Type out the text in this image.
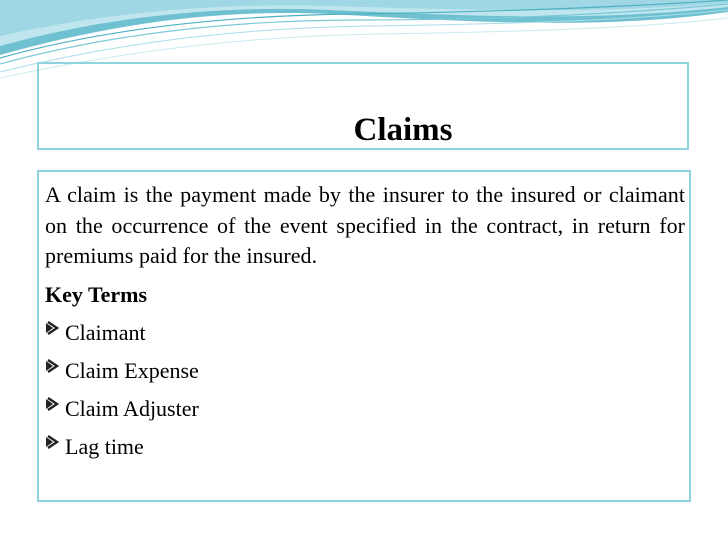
Claims

A claim is the payment made by the insurer to the insured or claimant on the occurrence of the event specified in the contract, in return for premiums paid for the insured.

Key Terms

Claimant
Claim Expense
Claim Adjuster
Lag time
